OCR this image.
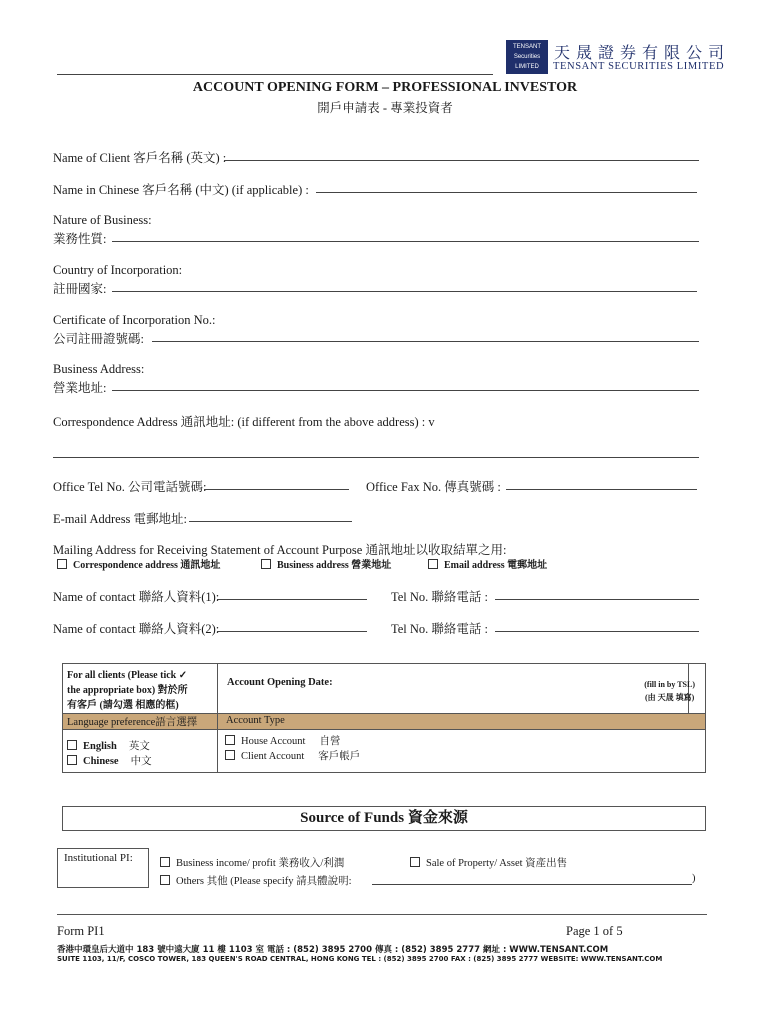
TENSANT Securities LIMITED
天晟證券有限公司
TENSANT SECURITIES LIMITED
ACCOUNT OPENING FORM – PROFESSIONAL INVESTOR
開戶申請表 - 專業投資者
Name of Client 客戶名稱 (英文) :
Name in Chinese 客戶名稱 (中文) (if applicable) :
Nature of Business:
業務性質:
Country of Incorporation:
註冊國家:
Certificate of Incorporation No.:
公司註冊證號碼:
Business Address:
營業地址:
Correspondence Address 通訊地址: (if different from the above address) : v
Office Tel No. 公司電話號碼:	Office Fax No. 傳真號碼 :
E-mail Address 電郵地址:
Mailing Address for Receiving Statement of Account Purpose 通訊地址以收取結單之用:
Correspondence address 通訊地址	Business address 營業地址	Email address 電郵地址
Name of contact 聯絡人資料(1):	Tel No. 聯絡電話 :
Name of contact 聯絡人資料(2):	Tel No. 聯絡電話 :
For all clients (Please tick ✓
the appropriate box) 對於所
有客戶 (請勾選 相應的框)
Account Opening Date:	(fill in by TSL)
(由 天晟 填寫)
Language preference語言選擇	Account Type
English 英文
Chinese 中文
House Account 自營
Client Account 客戶帳戶
Source of Funds 資金來源
Institutional PI:	Business income/ profit 業務收入/利潤	Sale of Property/ Asset 資產出售
Others 其他 (Please specify 請具體說明:	)
Form PI1	Page 1 of 5
香港中環皇后大道中 183 號中遠大廈 11 樓 1103 室 電話 : (852) 3895 2700 傳真 : (852) 3895 2777 網址 : WWW.TENSANT.COM
SUITE 1103, 11/F, COSCO TOWER, 183 QUEEN'S ROAD CENTRAL, HONG KONG TEL : (852) 3895 2700 FAX : (825) 3895 2777 WEBSITE: WWW.TENSANT.COM
